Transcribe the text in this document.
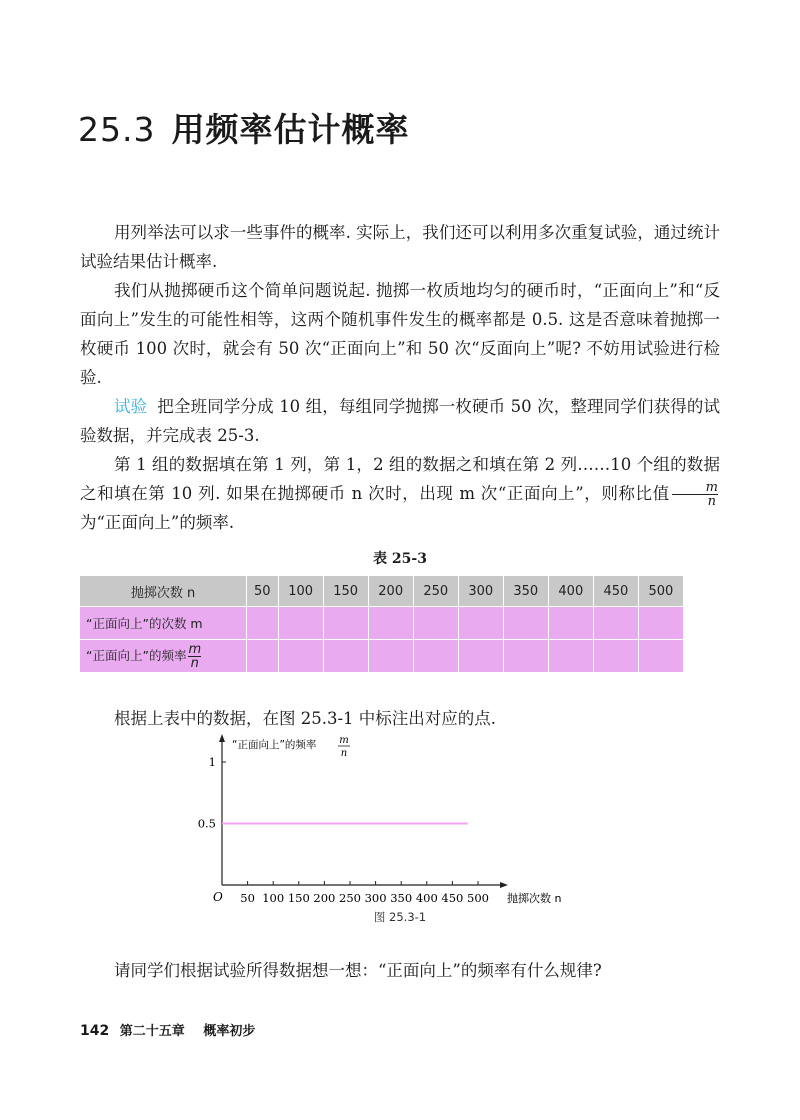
25.3 用频率估计概率

用列举法可以求一些事件的概率. 实际上，我们还可以利用多次重复试验，通过统计试验结果估计概率.

我们从抛掷硬币这个简单问题说起. 抛掷一枚质地均匀的硬币时，“正面向上”和“反面向上”发生的可能性相等，这两个随机事件发生的概率都是 0.5. 这是否意味着抛掷一枚硬币 100 次时，就会有 50 次“正面向上”和 50 次“反面向上”呢? 不妨用试验进行检验.

试验 把全班同学分成 10 组，每组同学抛掷一枚硬币 50 次，整理同学们获得的试验数据，并完成表 25-3.

第 1 组的数据填在第 1 列，第 1，2 组的数据之和填在第 2 列……10 个组的数据之和填在第 10 列. 如果在抛掷硬币 n 次时，出现 m 次“正面向上”，则称比值 $\frac{m}{n}$
为“正面向上”的频率.

表 25-3

抛掷次数 n	50	100	150	200	250	300	350	400	450	500
“正面向上”的次数 m										
“正面向上”的频率 $\frac{m}{n}$

根据上表中的数据，在图 25.3-1 中标注出对应的点.

O 50 100 150 200 250 300 350 400 450 500
0.5
1
抛掷次数 n
“正面向上”的频率 m
n

图 25.3-1

请同学们根据试验所得数据想一想：“正面向上”的频率有什么规律?

142 第二十五章 概率初步
